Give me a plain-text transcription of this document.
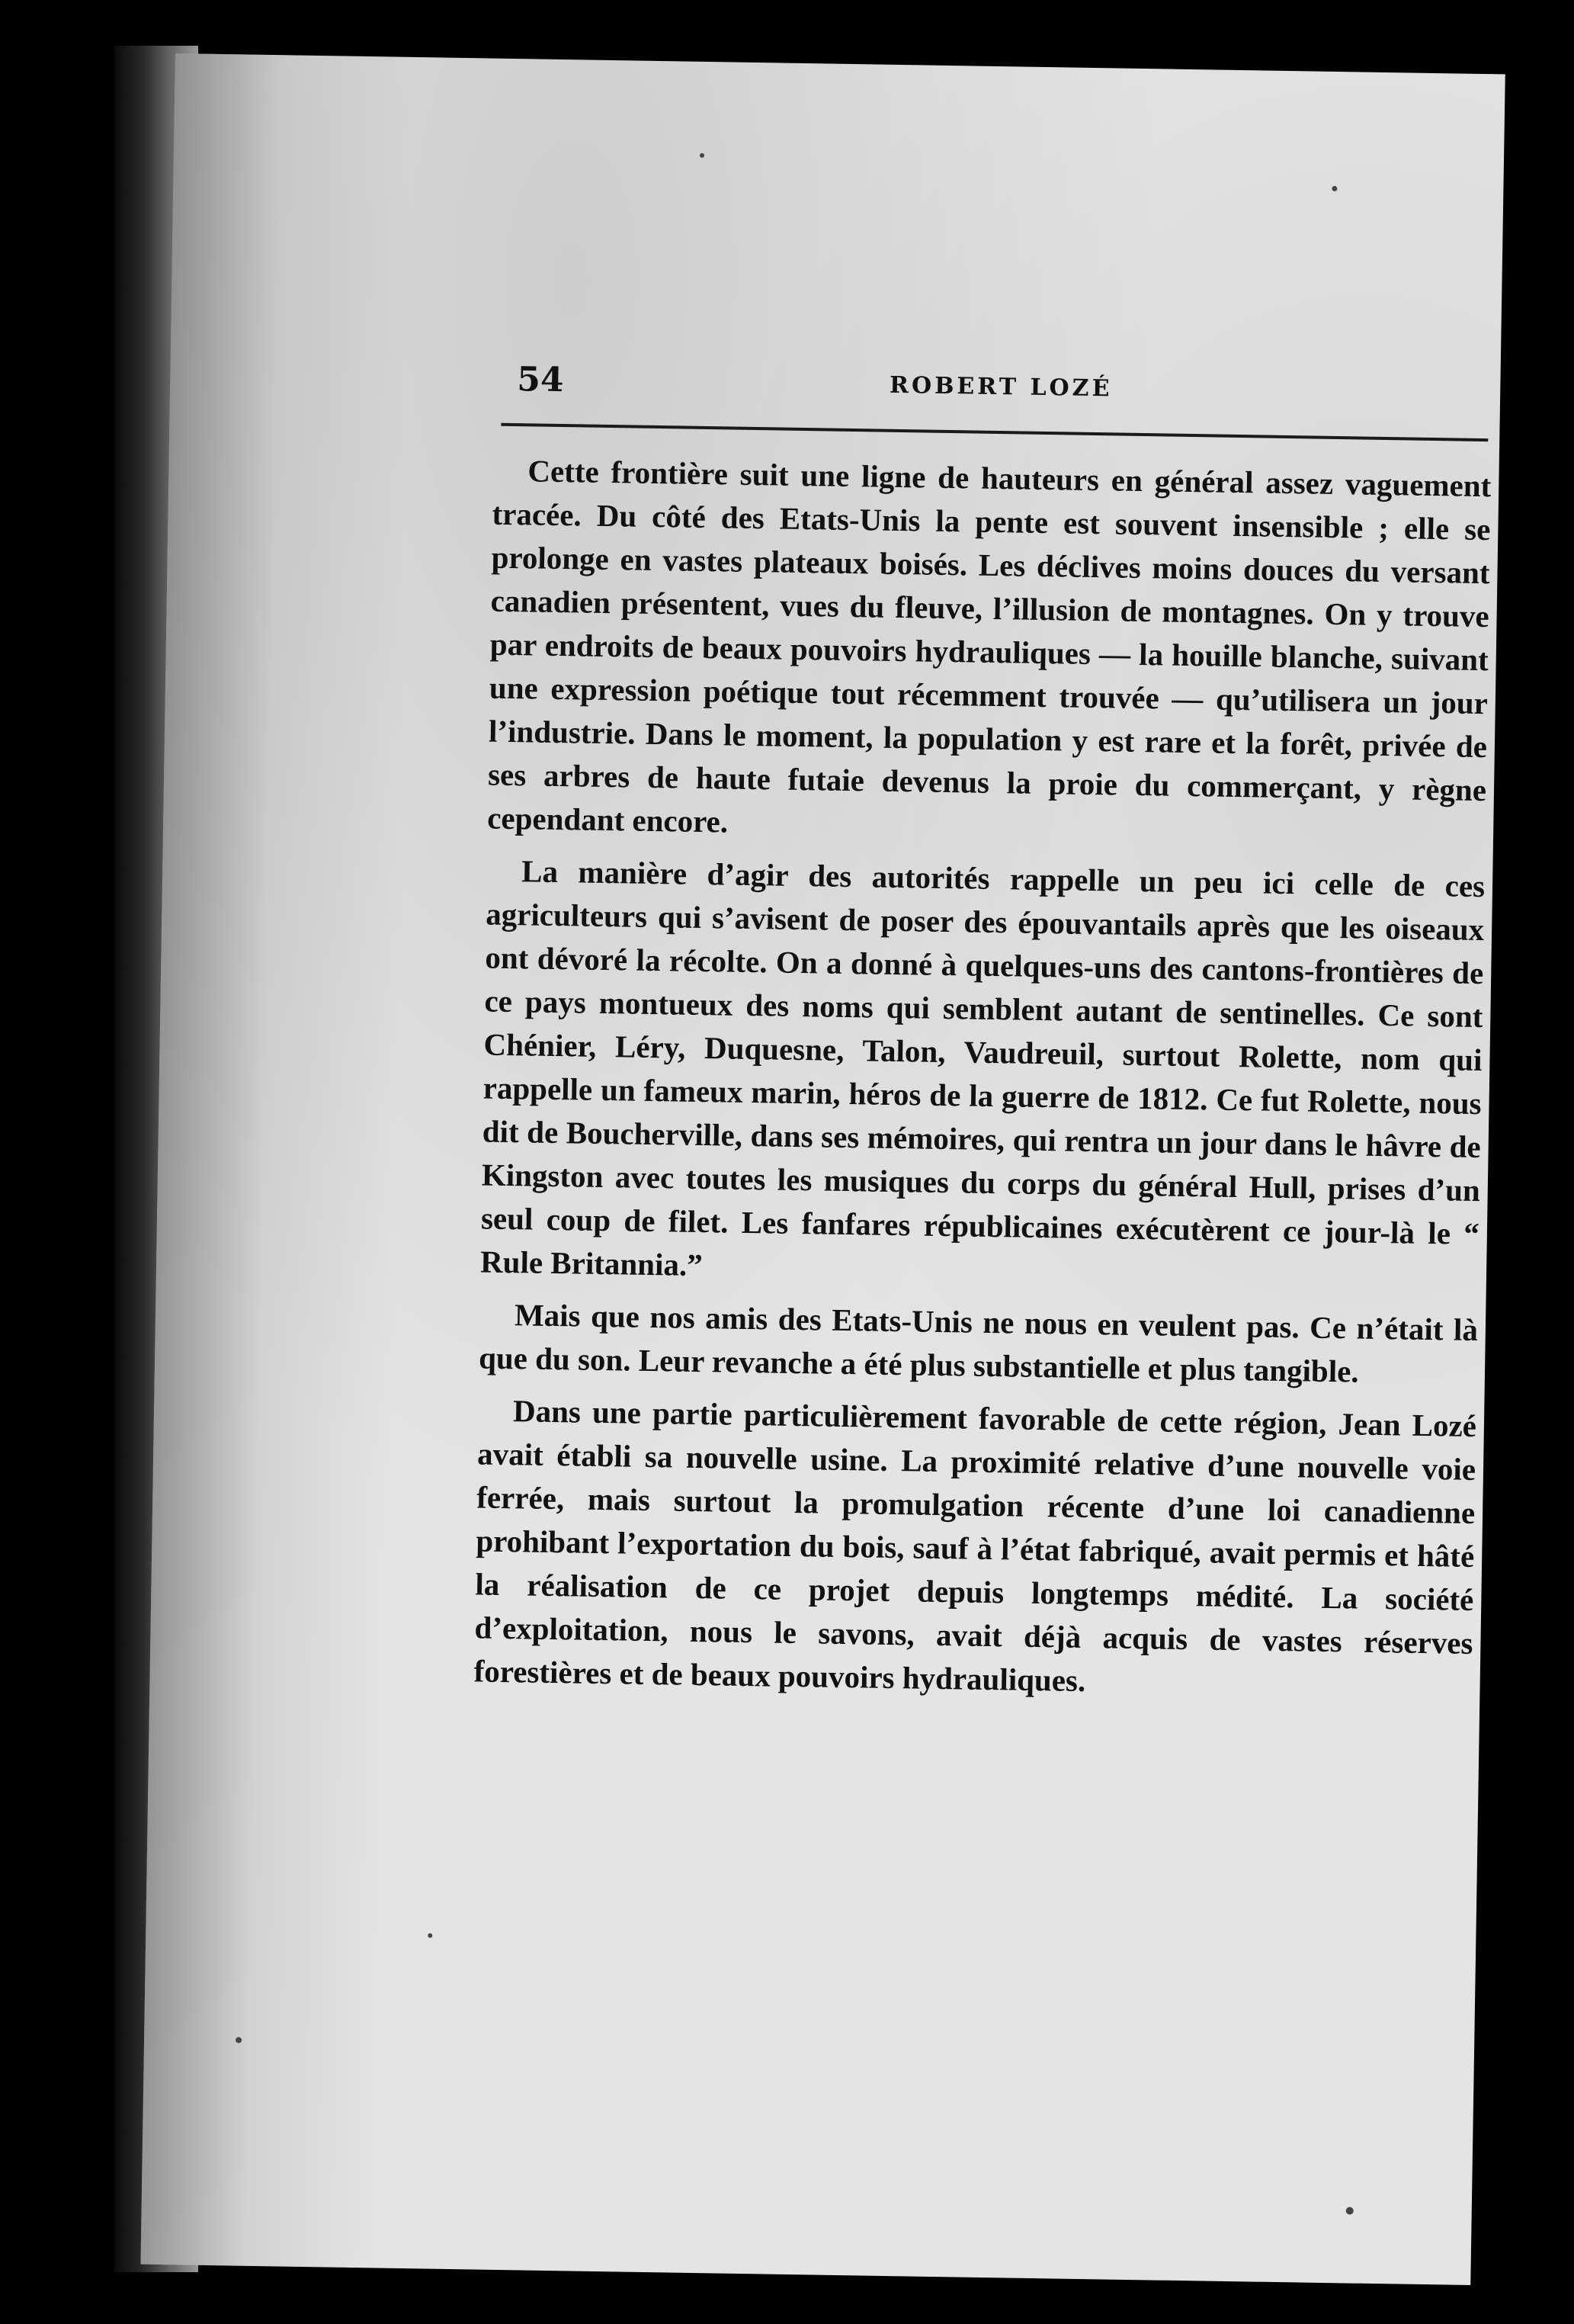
54	ROBERT LOZÉ

Cette frontière suit une ligne de hauteurs en général assez vaguement tracée. Du côté des Etats-Unis la pente est souvent insensible ; elle se prolonge en vastes plateaux boisés. Les déclives moins douces du versant canadien présentent, vues du fleuve, l’illusion de montagnes. On y trouve par endroits de beaux pouvoirs hydrauliques — la houille blanche, suivant une expression poétique tout récemment trouvée — qu’utilisera un jour l’industrie. Dans le moment, la population y est rare et la forêt, privée de ses arbres de haute futaie devenus la proie du commerçant, y règne cependant encore.

La manière d’agir des autorités rappelle un peu ici celle de ces agriculteurs qui s’avisent de poser des épouvantails après que les oiseaux ont dévoré la récolte. On a donné à quelques-uns des cantons-frontières de ce pays montueux des noms qui semblent autant de sentinelles. Ce sont Chénier, Léry, Duquesne, Talon, Vaudreuil, surtout Rolette, nom qui rappelle un fameux marin, héros de la guerre de 1812. Ce fut Rolette, nous dit de Boucherville, dans ses mémoires, qui rentra un jour dans le hâvre de Kingston avec toutes les musiques du corps du général Hull, prises d’un seul coup de filet. Les fanfares républicaines exécutèrent ce jour-là le “ Rule Britannia.”

Mais que nos amis des Etats-Unis ne nous en veulent pas. Ce n’était là que du son. Leur revanche a été plus substantielle et plus tangible.

Dans une partie particulièrement favorable de cette région, Jean Lozé avait établi sa nouvelle usine. La proximité relative d’une nouvelle voie ferrée, mais surtout la promulgation récente d’une loi canadienne prohibant l’exportation du bois, sauf à l’état fabriqué, avait permis et hâté la réalisation de ce projet depuis longtemps médité. La société d’exploitation, nous le savons, avait déjà acquis de vastes réserves forestières et de beaux pouvoirs hydrauliques.
